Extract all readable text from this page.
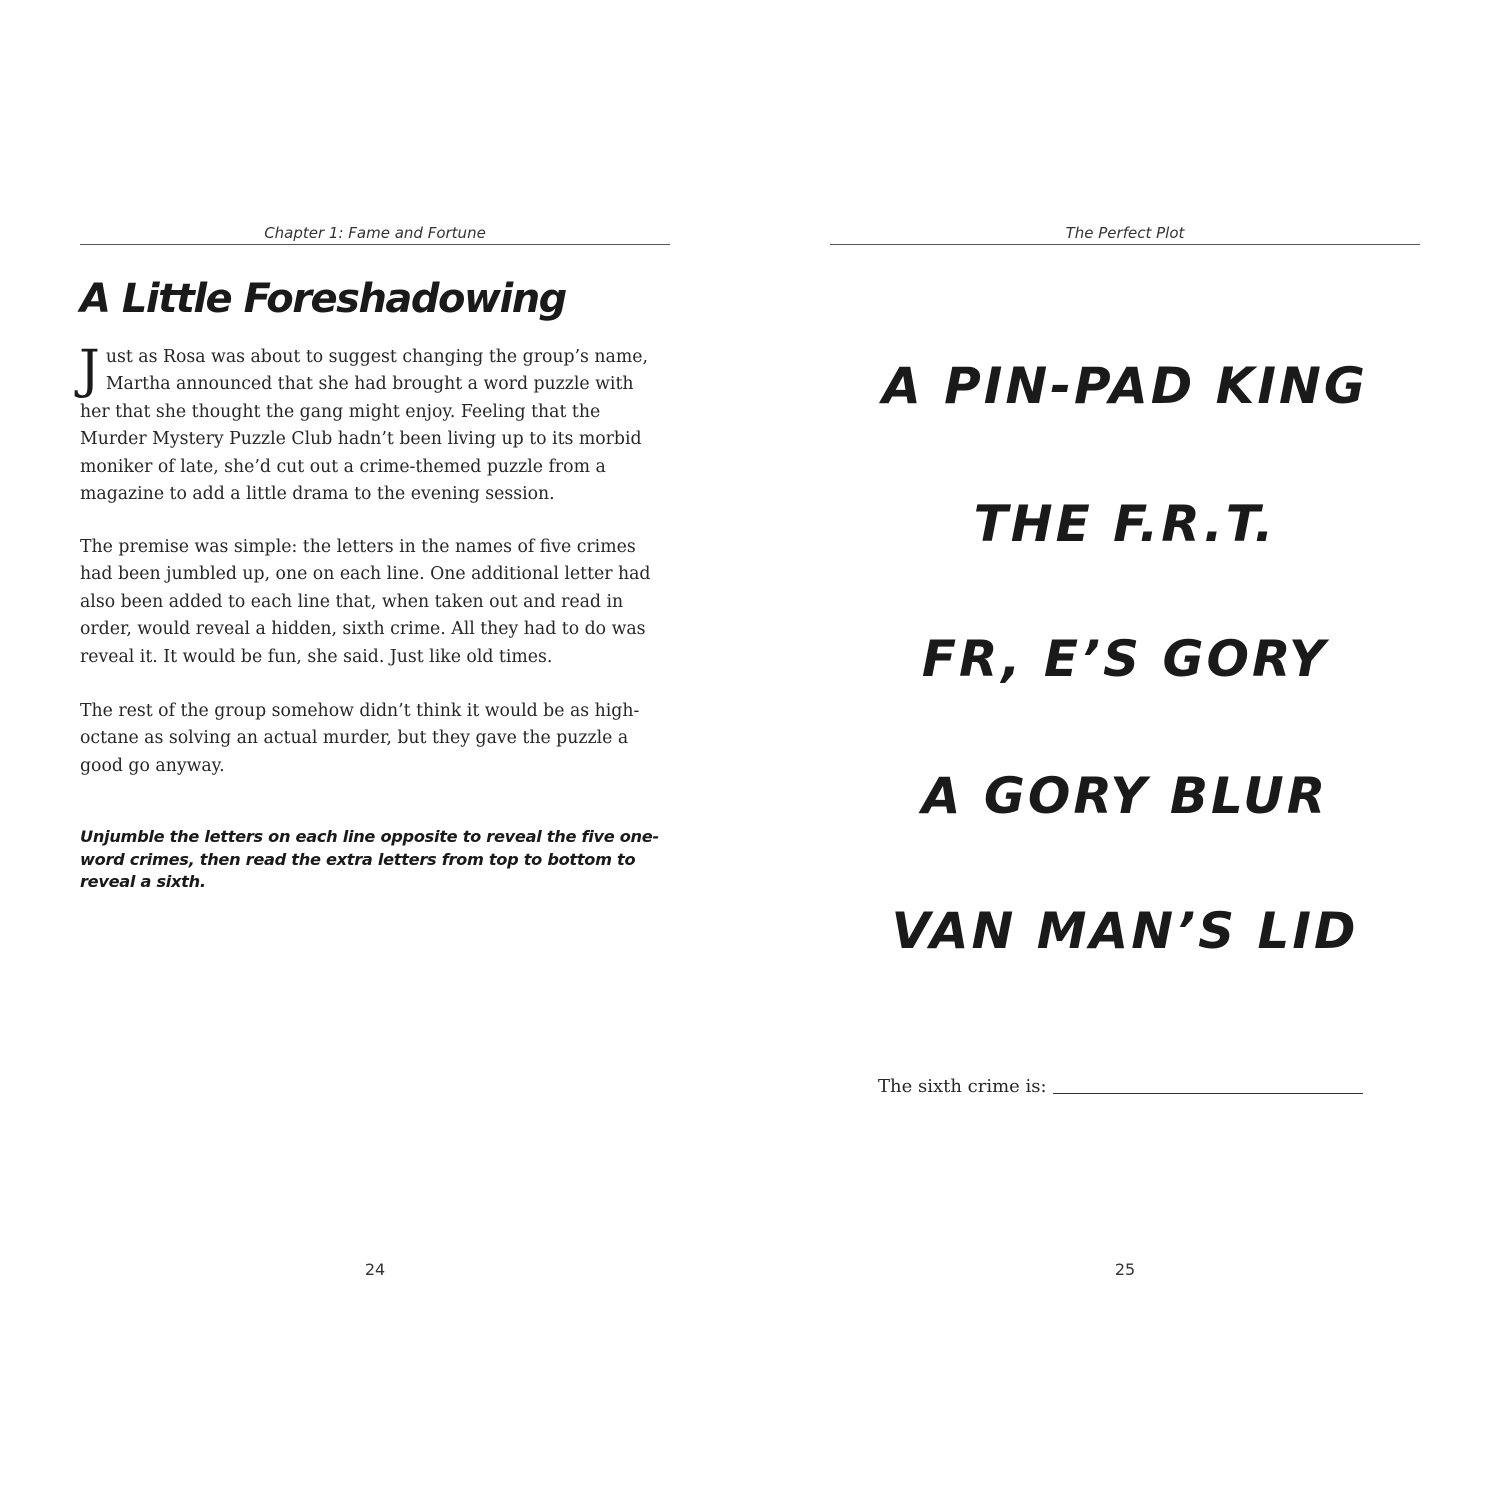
Chapter 1: Fame and Fortune
A Little Foreshadowing

Just as Rosa was about to suggest changing the group’s name, Martha announced that she had brought a word puzzle with her that she thought the gang might enjoy. Feeling that the Murder Mystery Puzzle Club hadn’t been living up to its morbid moniker of late, she’d cut out a crime-themed puzzle from a magazine to add a little drama to the evening session.

The premise was simple: the letters in the names of five crimes had been jumbled up, one on each line. One additional letter had also been added to each line that, when taken out and read in order, would reveal a hidden, sixth crime. All they had to do was reveal it. It would be fun, she said. Just like old times.

The rest of the group somehow didn’t think it would be as high-octane as solving an actual murder, but they gave the puzzle a good go anyway.

Unjumble the letters on each line opposite to reveal the five one-word crimes, then read the extra letters from top to bottom to reveal a sixth.

24
The Perfect Plot
A PIN-PAD KING
THE F.R.T.
FR, E’S GORY
A GORY BLUR
VAN MAN’S LID
The sixth crime is:
25
